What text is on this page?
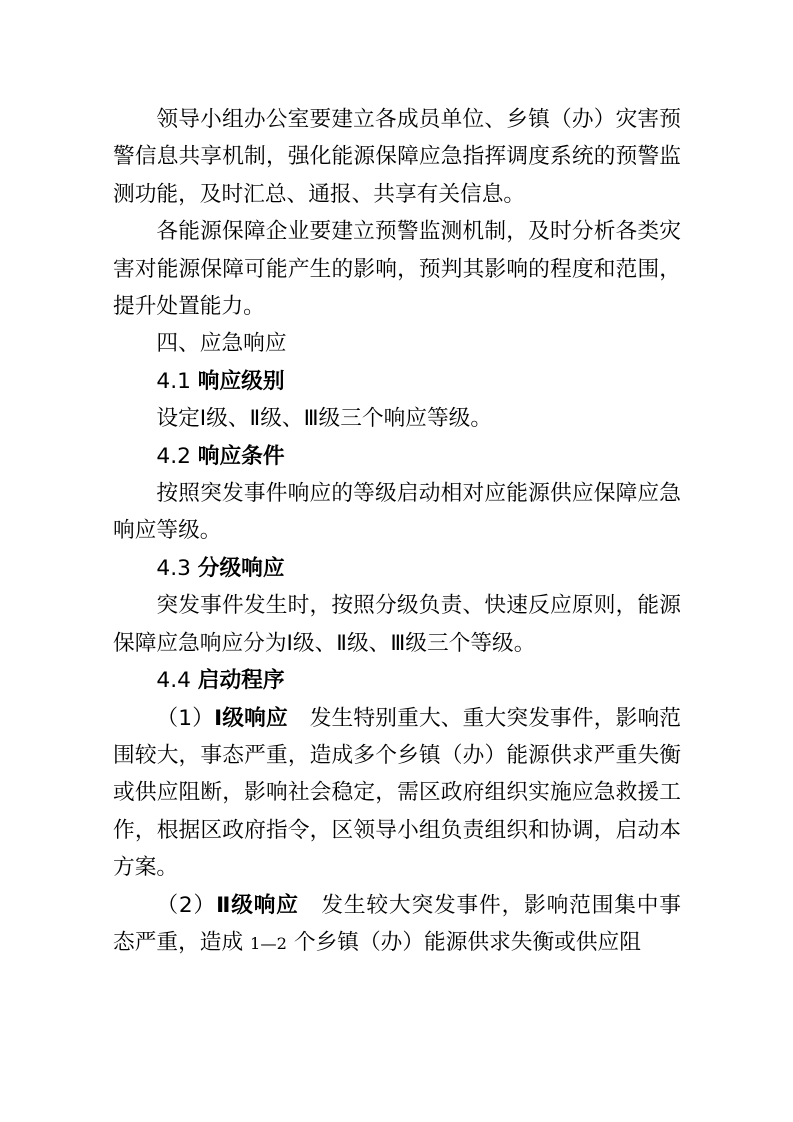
领导小组办公室要建立各成员单位、乡镇（办）灾害预警信息共享机制，强化能源保障应急指挥调度系统的预警监测功能，及时汇总、通报、共享有关信息。

各能源保障企业要建立预警监测机制，及时分析各类灾害对能源保障可能产生的影响，预判其影响的程度和范围，提升处置能力。

四、应急响应

4.1 响应级别

设定Ⅰ级、Ⅱ级、Ⅲ级三个响应等级。

4.2 响应条件

按照突发事件响应的等级启动相对应能源供应保障应急响应等级。

4.3 分级响应

突发事件发生时，按照分级负责、快速反应原则，能源保障应急响应分为Ⅰ级、Ⅱ级、Ⅲ级三个等级。

4.4 启动程序

（1）Ⅰ级响应　发生特别重大、重大突发事件，影响范围较大，事态严重，造成多个乡镇（办）能源供求严重失衡或供应阻断，影响社会稳定，需区政府组织实施应急救援工作，根据区政府指令，区领导小组负责组织和协调，启动本方案。

（2）Ⅱ级响应　发生较大突发事件，影响范围集中事态严重，造成 1—2 个乡镇（办）能源供求失衡或供应阻
